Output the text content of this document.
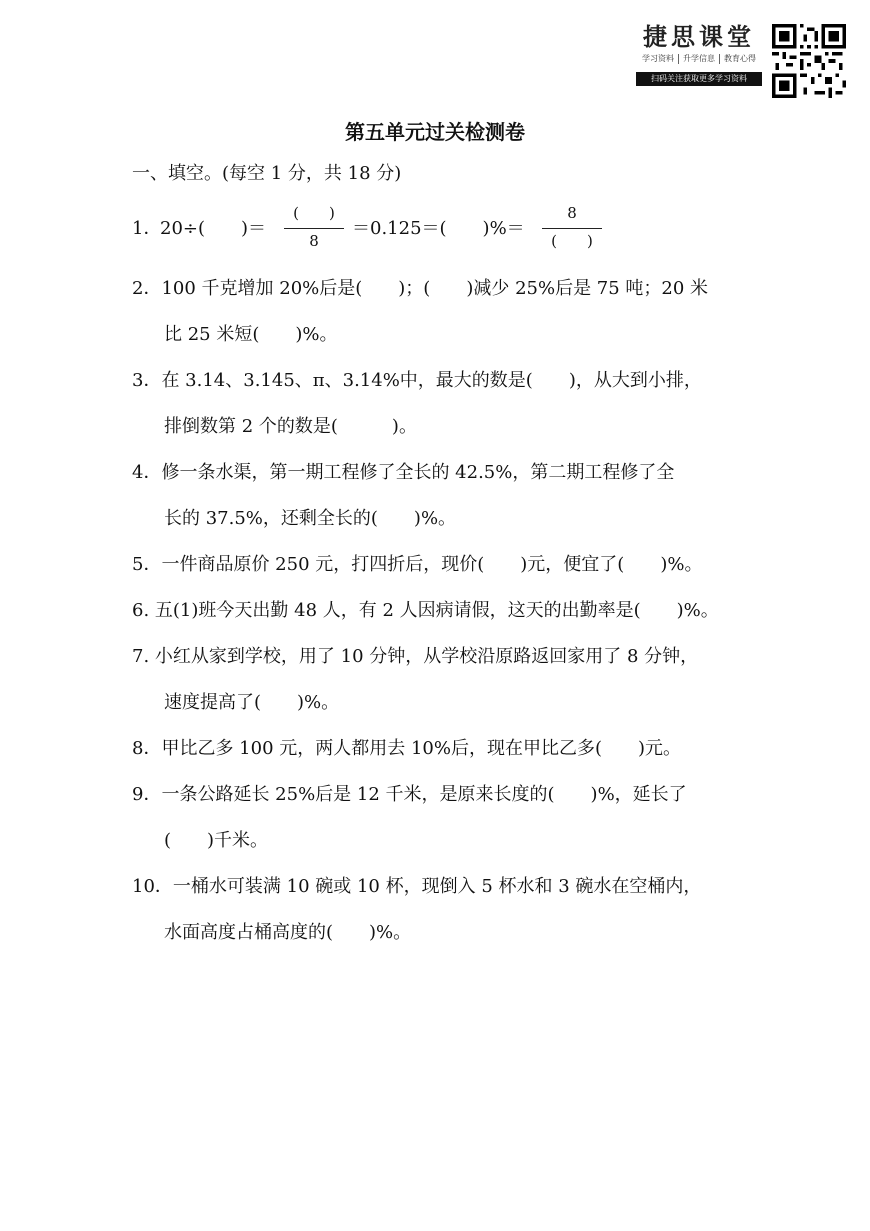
捷思课堂
学习资料	升学信息	教育心得
扫码关注获取更多学习资料
第五单元过关检测卷
一、填空。(每空 1 分，共 18 分)
1．
20÷(　　)＝
(　　)
8
＝0.125＝(　　)%＝
8
(　　)
2．100 千克增加 20%后是(　　)；(　　)减少 25%后是 75 吨；20 米
比 25 米短(　　)%。
3．在 3.14、3.145、π、3.14%中，最大的数是(　　)，从大到小排，
排倒数第 2 个的数是(　　　)。
4．修一条水渠，第一期工程修了全长的 42.5%，第二期工程修了全
长的 37.5%，还剩全长的(　　)%。
5．一件商品原价 250 元，打四折后，现价(　　)元，便宜了(　　)%。
6. 五(1)班今天出勤 48 人，有 2 人因病请假，这天的出勤率是(　　)%。
7. 小红从家到学校，用了 10 分钟，从学校沿原路返回家用了 8 分钟，
速度提高了(　　)%。
8．甲比乙多 100 元，两人都用去 10%后，现在甲比乙多(　　)元。
9．一条公路延长 25%后是 12 千米，是原来长度的(　　)%，延长了
(　　)千米。
10．一桶水可装满 10 碗或 10 杯，现倒入 5 杯水和 3 碗水在空桶内，
水面高度占桶高度的(　　)%。
